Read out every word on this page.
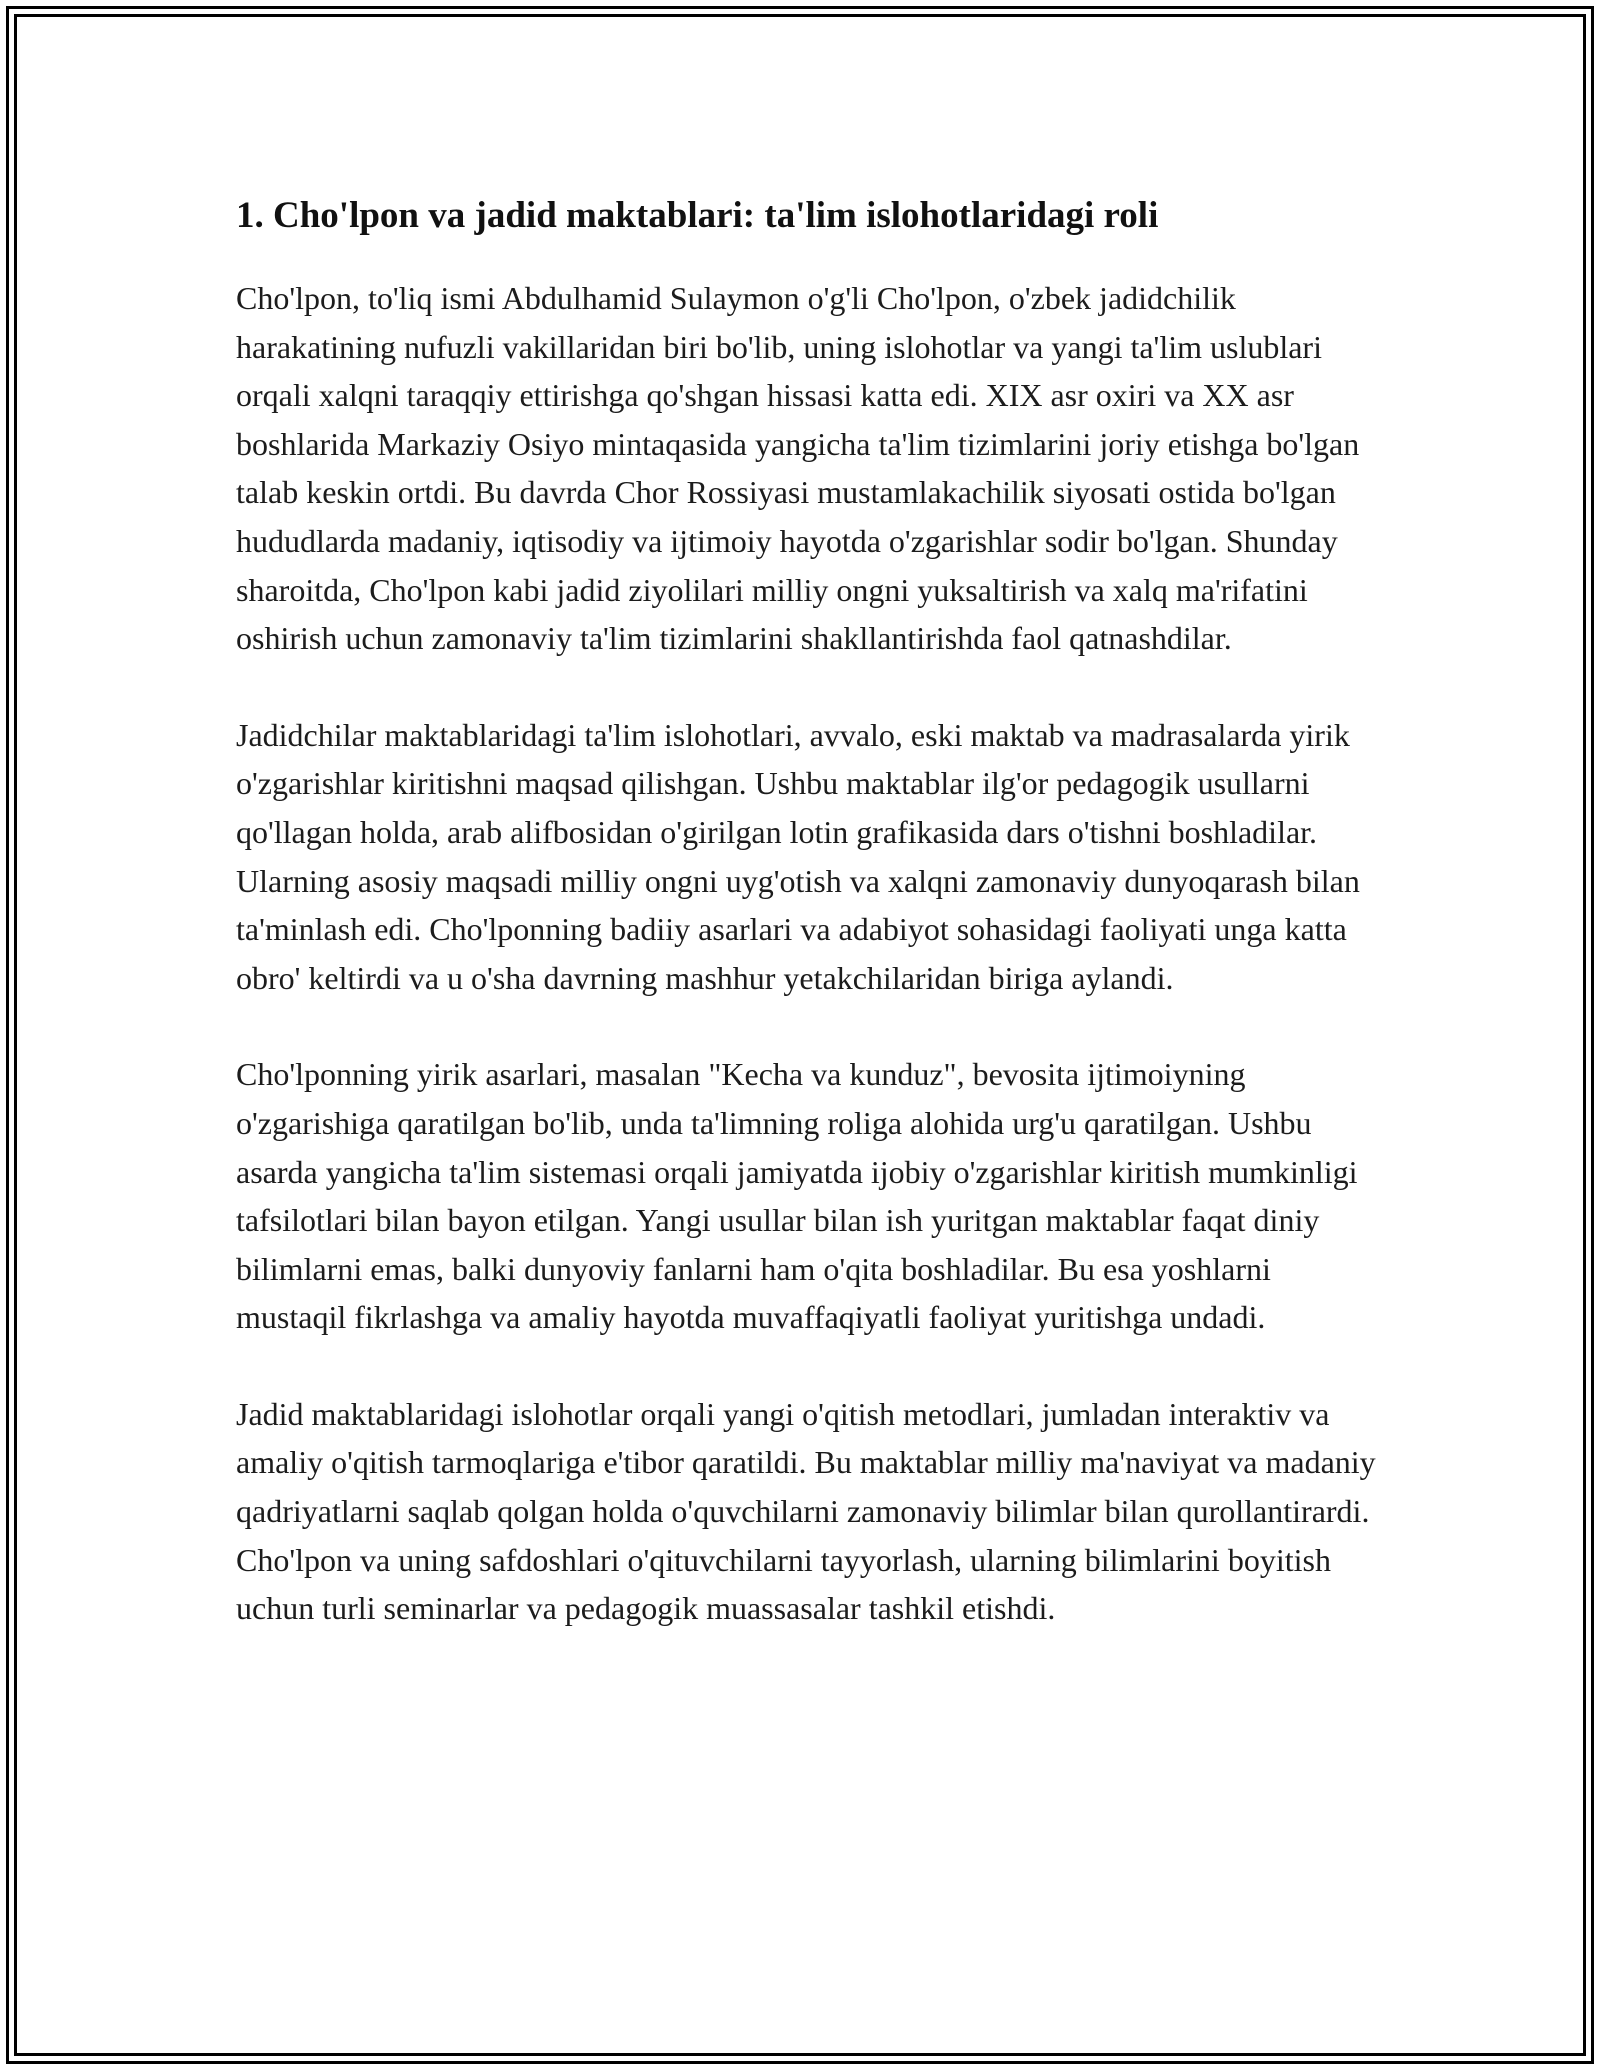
1. Cho'lpon va jadid maktablari: ta'lim islohotlaridagi roli

Cho'lpon, to'liq ismi Abdulhamid Sulaymon o'g'li Cho'lpon, o'zbek jadidchilik harakatining nufuzli vakillaridan biri bo'lib, uning islohotlar va yangi ta'lim uslublari orqali xalqni taraqqiy ettirishga qo'shgan hissasi katta edi. XIX asr oxiri va XX asr boshlarida Markaziy Osiyo mintaqasida yangicha ta'lim tizimlarini joriy etishga bo'lgan talab keskin ortdi. Bu davrda Chor Rossiyasi mustamlakachilik siyosati ostida bo'lgan hududlarda madaniy, iqtisodiy va ijtimoiy hayotda o'zgarishlar sodir bo'lgan. Shunday sharoitda, Cho'lpon kabi jadid ziyolilari milliy ongni yuksaltirish va xalq ma'rifatini oshirish uchun zamonaviy ta'lim tizimlarini shakllantirishda faol qatnashdilar.

Jadidchilar maktablaridagi ta'lim islohotlari, avvalo, eski maktab va madrasalarda yirik o'zgarishlar kiritishni maqsad qilishgan. Ushbu maktablar ilg'or pedagogik usullarni qo'llagan holda, arab alifbosidan o'girilgan lotin grafikasida dars o'tishni boshladilar. Ularning asosiy maqsadi milliy ongni uyg'otish va xalqni zamonaviy dunyoqarash bilan ta'minlash edi. Cho'lponning badiiy asarlari va adabiyot sohasidagi faoliyati unga katta obro' keltirdi va u o'sha davrning mashhur yetakchilaridan biriga aylandi.

Cho'lponning yirik asarlari, masalan "Kecha va kunduz", bevosita ijtimoiyning o'zgarishiga qaratilgan bo'lib, unda ta'limning roliga alohida urg'u qaratilgan. Ushbu asarda yangicha ta'lim sistemasi orqali jamiyatda ijobiy o'zgarishlar kiritish mumkinligi tafsilotlari bilan bayon etilgan. Yangi usullar bilan ish yuritgan maktablar faqat diniy bilimlarni emas, balki dunyoviy fanlarni ham o'qita boshladilar. Bu esa yoshlarni mustaqil fikrlashga va amaliy hayotda muvaffaqiyatli faoliyat yuritishga undadi.

Jadid maktablaridagi islohotlar orqali yangi o'qitish metodlari, jumladan interaktiv va amaliy o'qitish tarmoqlariga e'tibor qaratildi. Bu maktablar milliy ma'naviyat va madaniy qadriyatlarni saqlab qolgan holda o'quvchilarni zamonaviy bilimlar bilan qurollantirardi. Cho'lpon va uning safdoshlari o'qituvchilarni tayyorlash, ularning bilimlarini boyitish uchun turli seminarlar va pedagogik muassasalar tashkil etishdi.
